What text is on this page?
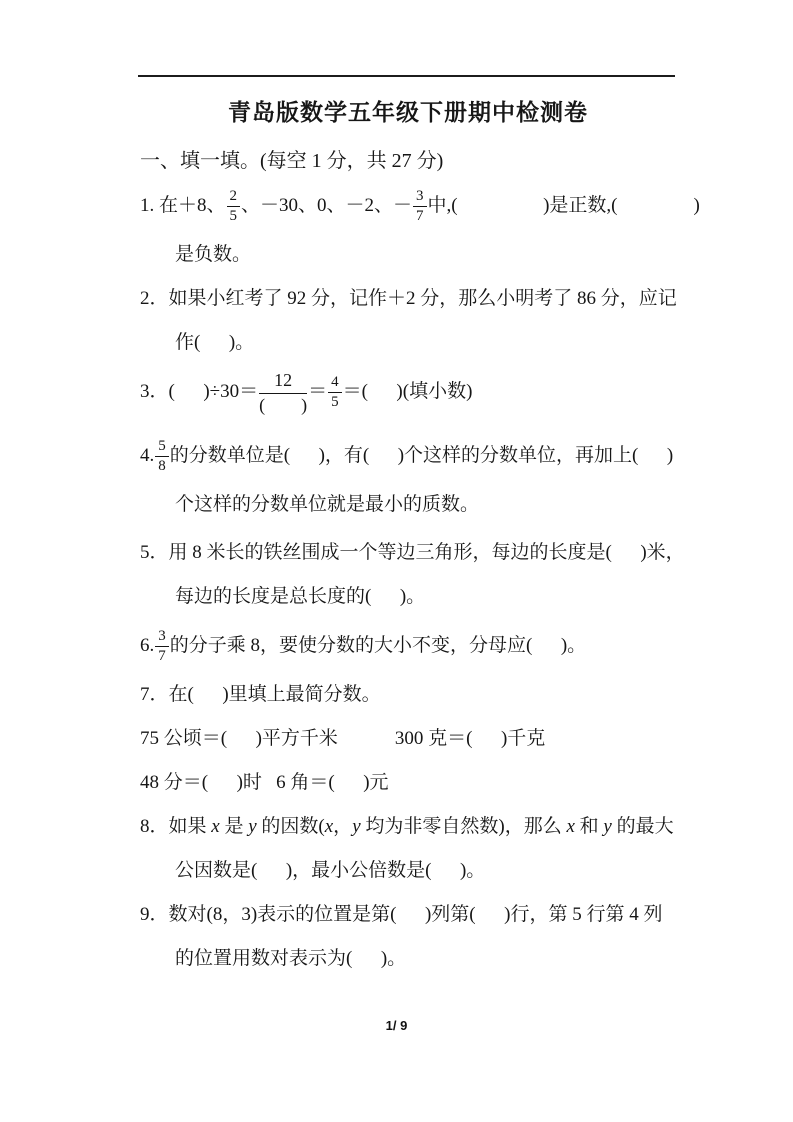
青岛版数学五年级下册期中检测卷

一、填一填。(每空 1 分，共 27 分)

1. 在＋8、 $\frac{2}{5}$ 、－30、0、－2、－ $\frac{3}{7}$ 中,(                  )是正数,(                )

是负数。

2．如果小红考了 92 分，记作＋2 分，那么小明考了 86 分，应记

作(      )。

3．(      )$\div 30= \frac{12}{( )} = \frac{4}{5}$ ＝(      )(填小数)

4. $\frac{5}{8}$ 的分数单位是(      )，有(      )个这样的分数单位，再加上(      )

个这样的分数单位就是最小的质数。

5．用 8 米长的铁丝围成一个等边三角形，每边的长度是(      )米，

每边的长度是总长度的(      )。

6. $\frac{3}{7}$ 的分子乘 8，要使分数的大小不变，分母应(      )。

7．在(      )里填上最简分数。

75 公顷＝(      )平方千米	300 克＝(      )千克

48 分＝(      )时 6 角＝(      )元

8．如果 x 是 y 的因数(x，y 均为非零自然数)，那么 x 和 y 的最大

公因数是(      )，最小公倍数是(      )。

9．数对(8，3)表示的位置是第(      )列第(      )行，第 5 行第 4 列

的位置用数对表示为(      )。

1/ 9
